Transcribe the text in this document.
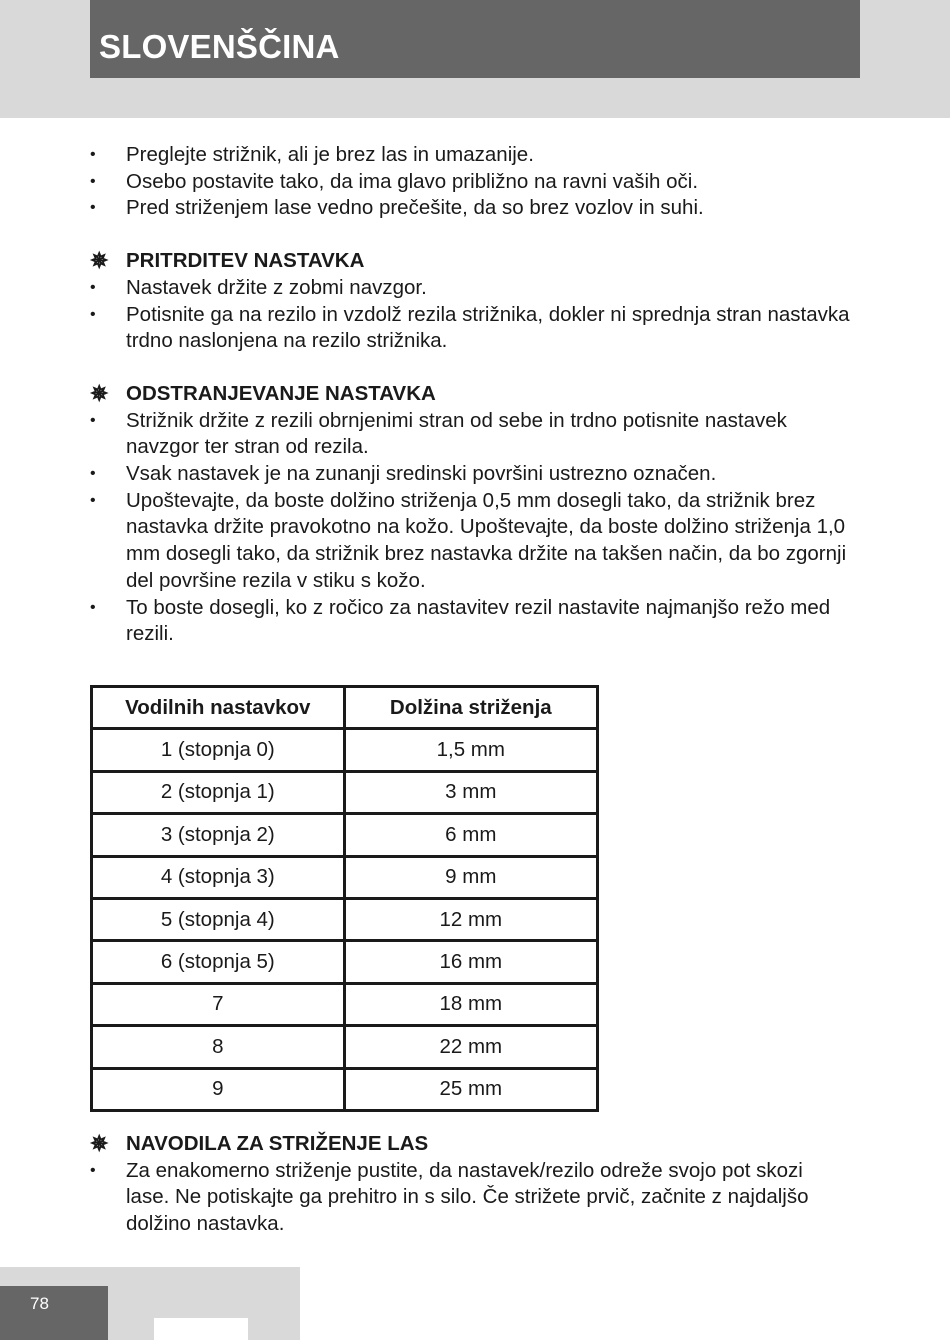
SLOVENŠČINA
• Preglejte strižnik, ali je brez las in umazanije.
• Osebo postavite tako, da ima glavo približno na ravni vaših oči.
• Pred striženjem lase vedno prečešite, da so brez vozlov in suhi.
✵ PRITRDITEV NASTAVKA
• Nastavek držite z zobmi navzgor.
• Potisnite ga na rezilo in vzdolž rezila strižnika, dokler ni sprednja stran nastavka trdno naslonjena na rezilo strižnika.
✵ ODSTRANJEVANJE NASTAVKA
• Strižnik držite z rezili obrnjenimi stran od sebe in trdno potisnite nastavek navzgor ter stran od rezila.
• Vsak nastavek je na zunanji sredinski površini ustrezno označen.
• Upoštevajte, da boste dolžino striženja 0,5 mm dosegli tako, da strižnik brez nastavka držite pravokotno na kožo. Upoštevajte, da boste dolžino striženja 1,0 mm dosegli tako, da strižnik brez nastavka držite na takšen način, da bo zgornji del površine rezila v stiku s kožo.
• To boste dosegli, ko z ročico za nastavitev rezil nastavite najmanjšo režo med rezili.
Vodilnih nastavkov	Dolžina striženja
1 (stopnja 0)	1,5 mm
2 (stopnja 1)	3 mm
3 (stopnja 2)	6 mm
4 (stopnja 3)	9 mm
5 (stopnja 4)	12 mm
6 (stopnja 5)	16 mm
7	18 mm
8	22 mm
9	25 mm
✵ NAVODILA ZA STRIŽENJE LAS
• Za enakomerno striženje pustite, da nastavek/rezilo odreže svojo pot skozi lase. Ne potiskajte ga prehitro in s silo. Če strižete prvič, začnite z najdaljšo dolžino nastavka.
78
